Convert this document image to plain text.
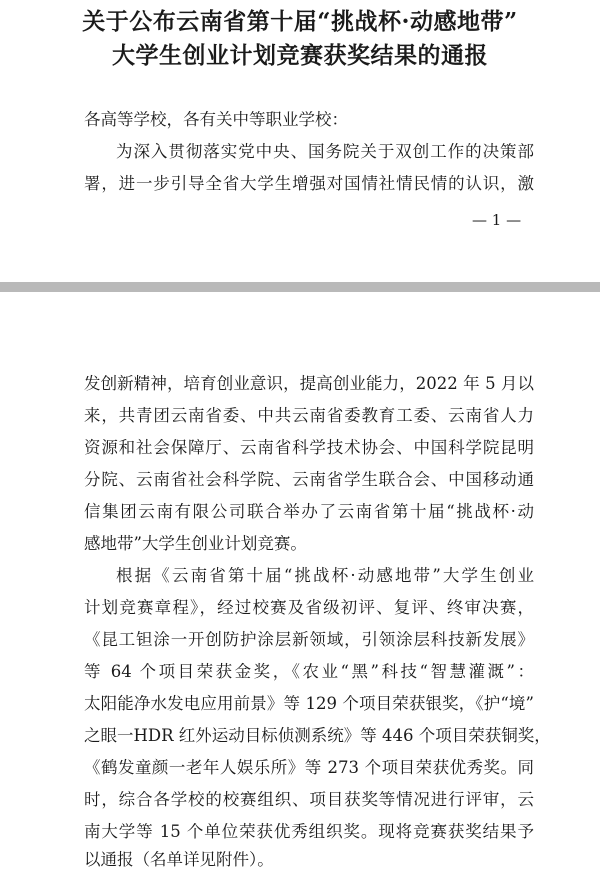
关于公布云南省第十届“挑战杯·动感地带”
大学生创业计划竞赛获奖结果的通报
各高等学校，各有关中等职业学校：
为深入贯彻落实党中央、国务院关于双创工作的决策部
署，进一步引导全省大学生增强对国情社情民情的认识，激
— 1 —
发创新精神，培育创业意识，提高创业能力，2022 年 5 月以
来，共青团云南省委、中共云南省委教育工委、云南省人力
资源和社会保障厅、云南省科学技术协会、中国科学院昆明
分院、云南省社会科学院、云南省学生联合会、中国移动通
信集团云南有限公司联合举办了云南省第十届“挑战杯·动
感地带”大学生创业计划竞赛。
根据《云南省第十届“挑战杯·动感地带”大学生创业
计划竞赛章程》，经过校赛及省级初评、复评、终审决赛，
《昆工钽涂一开创防护涂层新领域，引领涂层科技新发展》
等 64 个项目荣获金奖，《农业“黑”科技“智慧灌溉”：
太阳能净水发电应用前景》等 129 个项目荣获银奖，《护“境”
之眼一HDR 红外运动目标侦测系统》等 446 个项目荣获铜奖，
《鹤发童颜一老年人娱乐所》等 273 个项目荣获优秀奖。同
时，综合各学校的校赛组织、项目获奖等情况进行评审，云
南大学等 15 个单位荣获优秀组织奖。现将竞赛获奖结果予
以通报（名单详见附件）。
